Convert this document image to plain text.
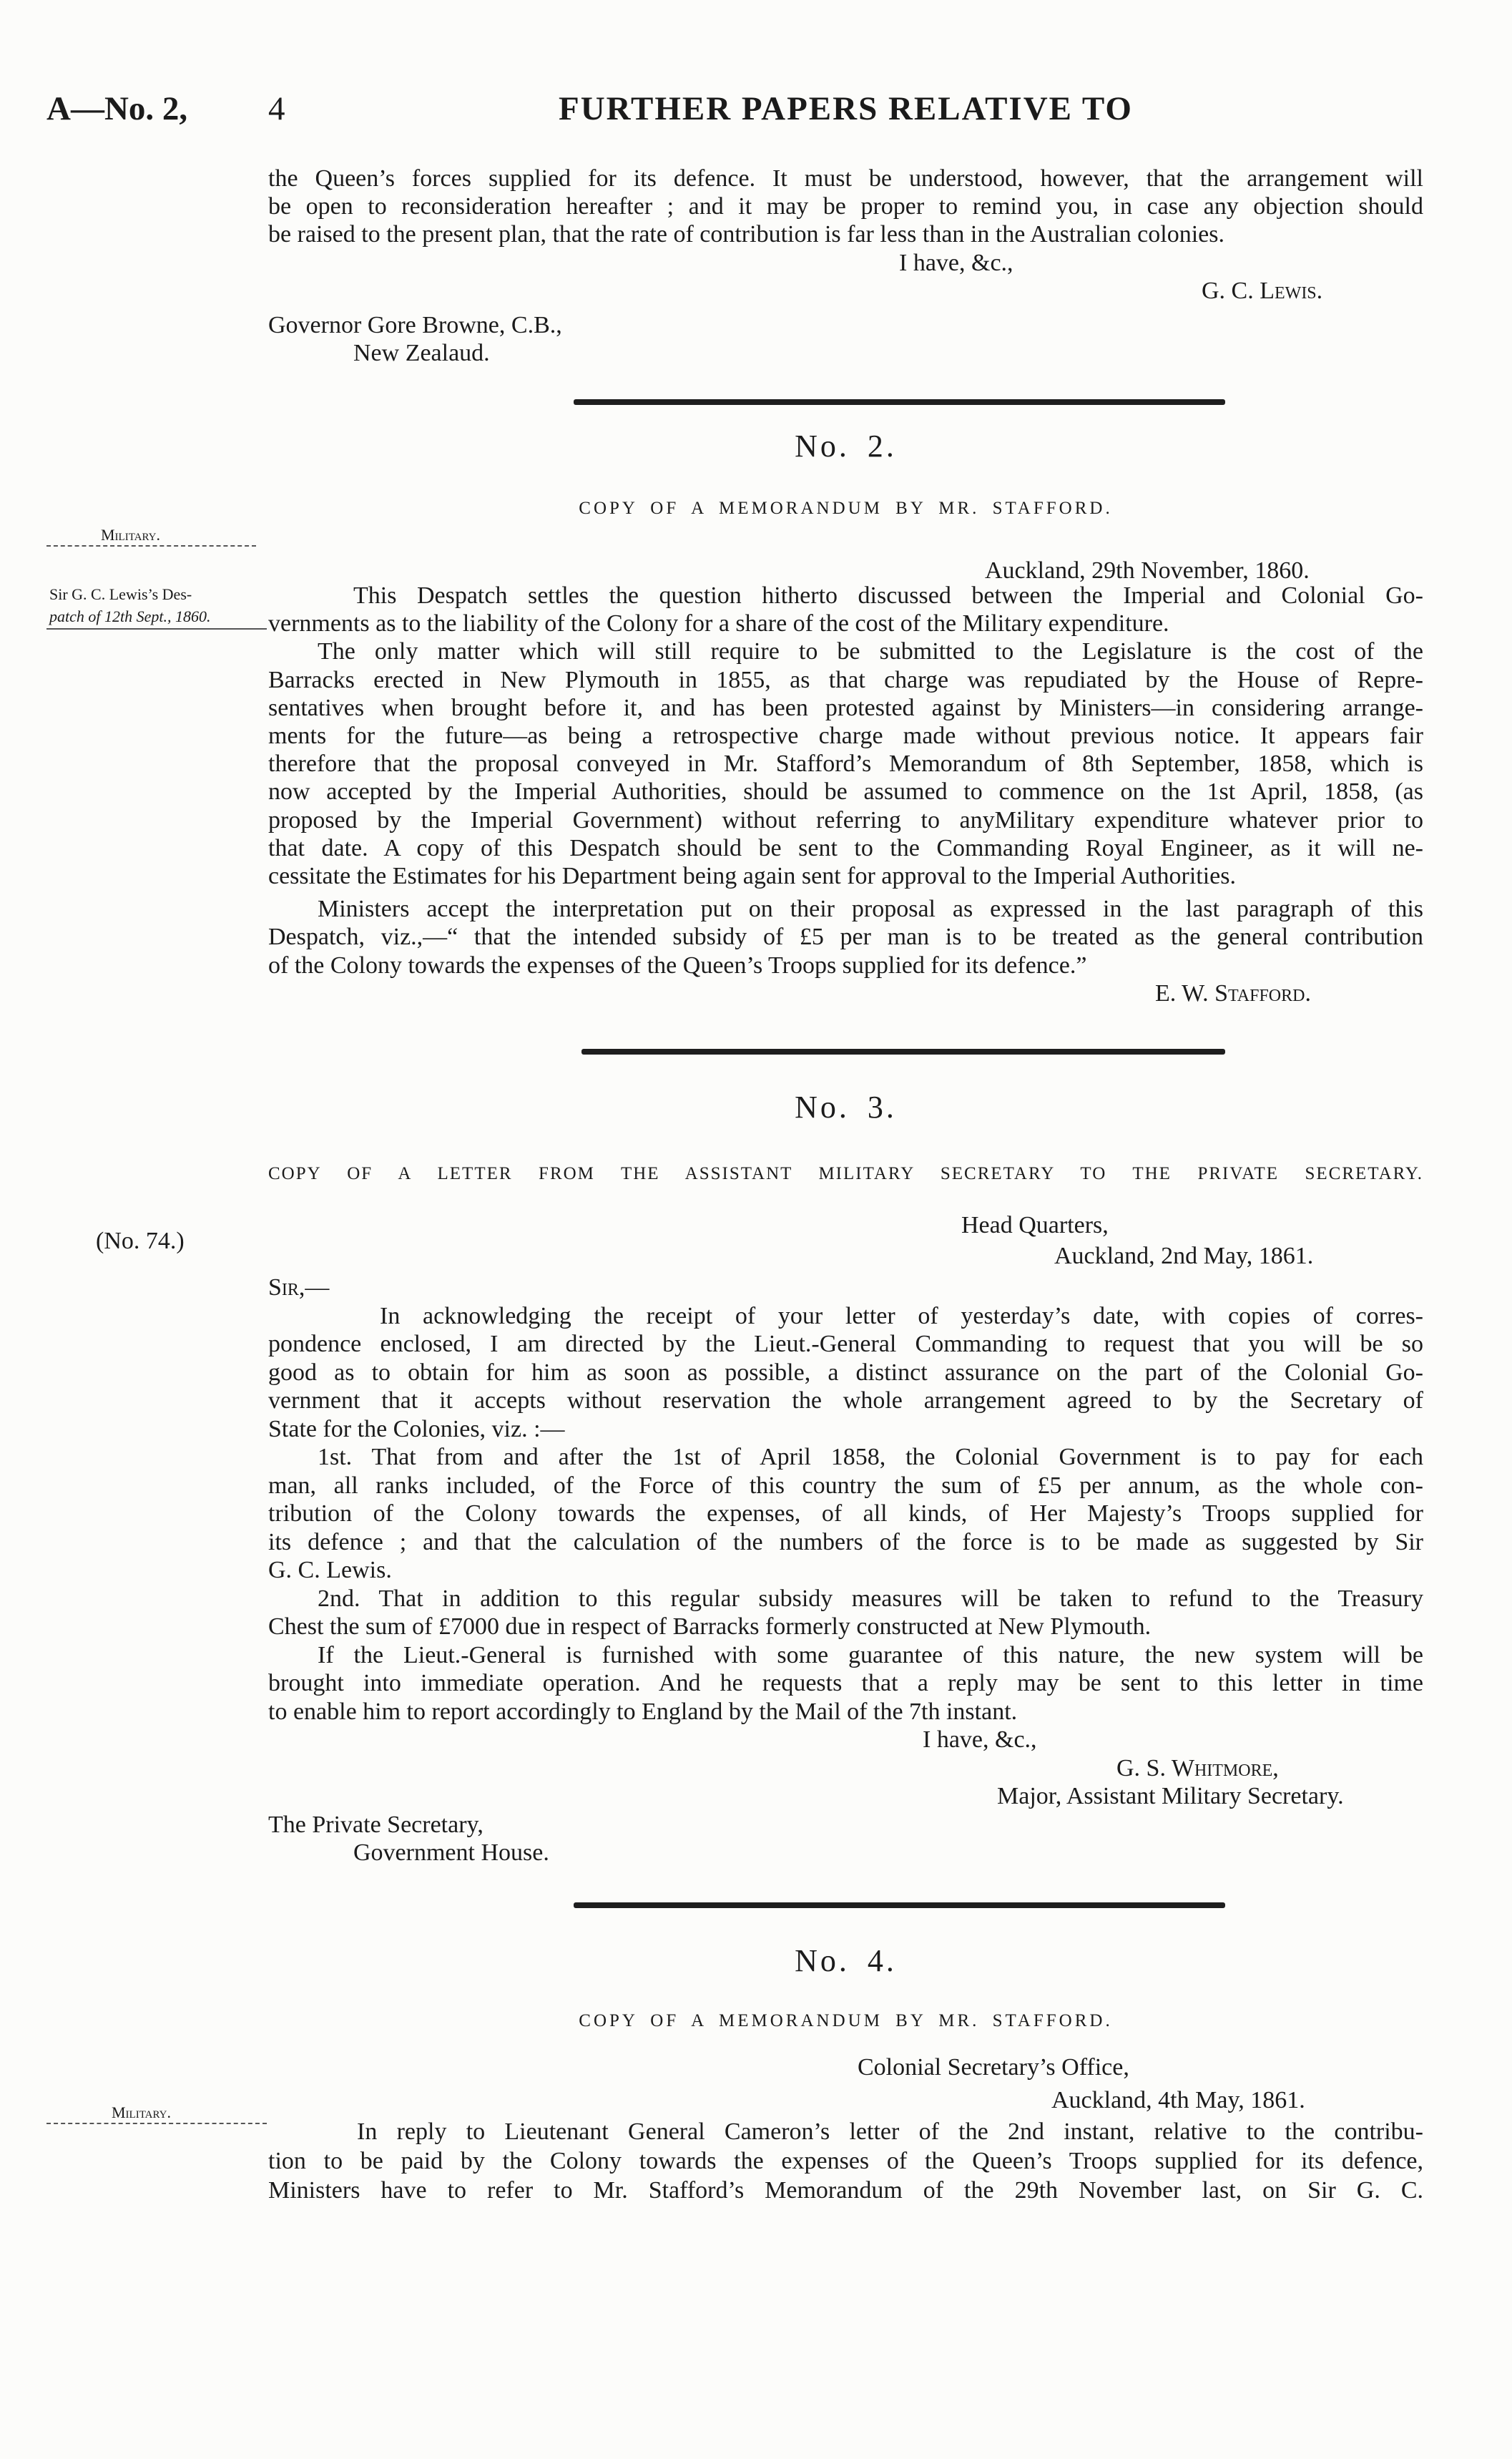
A—No. 2, 4	FURTHER PAPERS RELATIVE TO
the Queen’s forces supplied for its defence. It must be understood, however, that the arrangement will
be open to reconsideration hereafter ; and it may be proper to remind you, in case any objection should
be raised to the present plan, that the rate of contribution is far less than in the Australian colonies.
I have, &c.,
G. C. Lewis.
Governor Gore Browne, C.B.,
New Zealaud.
No. 2.
COPY OF A MEMORANDUM BY MR. STAFFORD.
Military.
Auckland, 29th November, 1860.
Sir G. C. Lewis’s Des-
patch of 12th Sept., 1860.
This Despatch settles the question hitherto discussed between the Imperial and Colonial Go-
vernments as to the liability of the Colony for a share of the cost of the Military expenditure.
The only matter which will still require to be submitted to the Legislature is the cost of the
Barracks erected in New Plymouth in 1855, as that charge was repudiated by the House of Repre-
sentatives when brought before it, and has been protested against by Ministers—in considering arrange-
ments for the future—as being a retrospective charge made without previous notice. It appears fair
therefore that the proposal conveyed in Mr. Stafford’s Memorandum of 8th September, 1858, which is
now accepted by the Imperial Authorities, should be assumed to commence on the 1st April, 1858, (as
proposed by the Imperial Government) without referring to anyMilitary expenditure whatever prior to
that date. A copy of this Despatch should be sent to the Commanding Royal Engineer, as it will ne-
cessitate the Estimates for his Department being again sent for approval to the Imperial Authorities.
Ministers accept the interpretation put on their proposal as expressed in the last paragraph of this
Despatch, viz.,—“ that the intended subsidy of £5 per man is to be treated as the general contribution
of the Colony towards the expenses of the Queen’s Troops supplied for its defence.”
E. W. Stafford.
No. 3.
COPY OF A LETTER FROM THE ASSISTANT MILITARY SECRETARY TO THE PRIVATE SECRETARY.
(No. 74.)
Head Quarters,
Auckland, 2nd May, 1861.
Sir,—
In acknowledging the receipt of your letter of yesterday’s date, with copies of corres-
pondence enclosed, I am directed by the Lieut.-General Commanding to request that you will be so
good as to obtain for him as soon as possible, a distinct assurance on the part of the Colonial Go-
vernment that it accepts without reservation the whole arrangement agreed to by the Secretary of
State for the Colonies, viz. :—
1st. That from and after the 1st of April 1858, the Colonial Government is to pay for each
man, all ranks included, of the Force of this country the sum of £5 per annum, as the whole con-
tribution of the Colony towards the expenses, of all kinds, of Her Majesty’s Troops supplied for
its defence ; and that the calculation of the numbers of the force is to be made as suggested by Sir
G. C. Lewis.
2nd. That in addition to this regular subsidy measures will be taken to refund to the Treasury
Chest the sum of £7000 due in respect of Barracks formerly constructed at New Plymouth.
If the Lieut.-General is furnished with some guarantee of this nature, the new system will be
brought into immediate operation. And he requests that a reply may be sent to this letter in time
to enable him to report accordingly to England by the Mail of the 7th instant.
I have, &c.,
G. S. Whitmore,
Major, Assistant Military Secretary.
The Private Secretary,
Government House.
No. 4.
COPY OF A MEMORANDUM BY MR. STAFFORD.
Colonial Secretary’s Office,
Auckland, 4th May, 1861.
Military.
In reply to Lieutenant General Cameron’s letter of the 2nd instant, relative to the contribu-
tion to be paid by the Colony towards the expenses of the Queen’s Troops supplied for its defence,
Ministers have to refer to Mr. Stafford’s Memorandum of the 29th November last, on Sir G. C.
